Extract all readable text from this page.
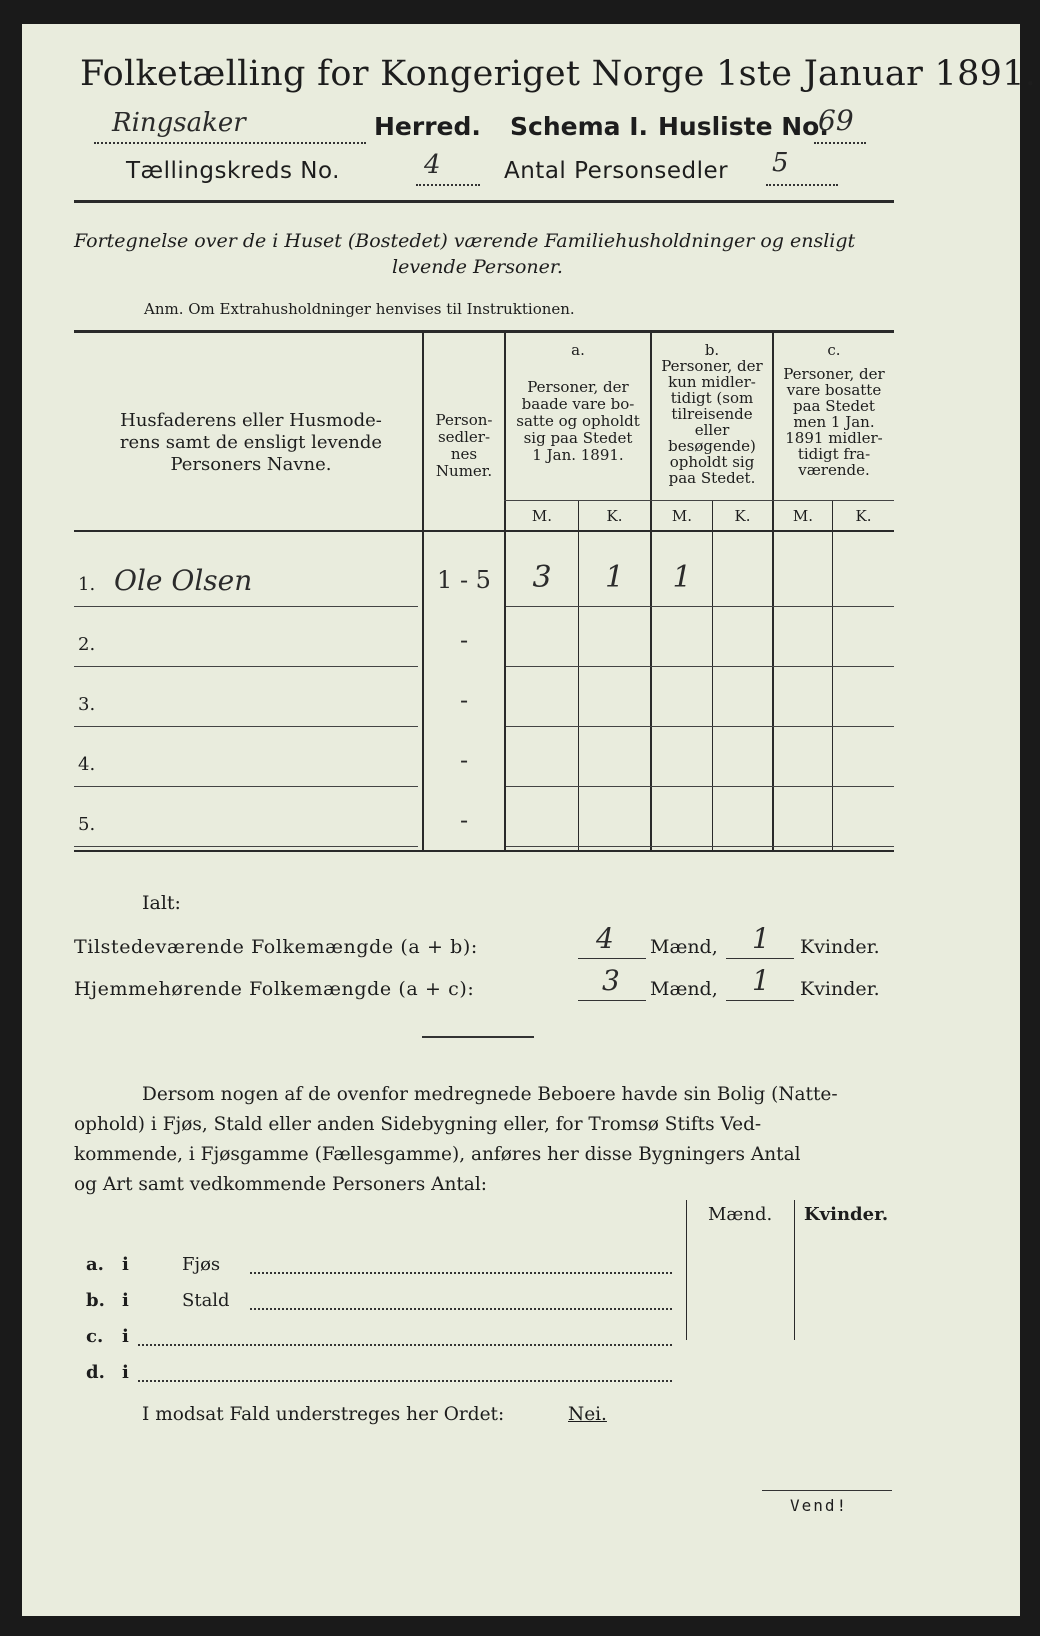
Folketælling for Kongeriget Norge 1ste Januar 1891.
Ringsaker	Herred. Schema I. Husliste No.
69
Tællingskreds No.	4	Antal Personsedler 5
Fortegnelse over de i Huset (Bostedet) værende Familiehusholdninger og ensligt
levende Personer.
Anm. Om Extrahusholdninger henvises til Instruktionen.
Husfaderens eller Husmode-
rens samt de ensligt levende
Personers Navne.
Person-
sedler-
nes
Numer.
a.
Personer, der
baade vare bo-
satte og opholdt
sig paa Stedet
1 Jan. 1891.
b.
Personer, der
kun midler-
tidigt (som
tilreisende
eller
besøgende)
opholdt sig
paa Stedet.
c.
Personer, der
vare bosatte
paa Stedet
men 1 Jan.
1891 midler-
tidigt fra-
værende.
M.	K.	M.	K.	M.	K.
1. Ole Olsen	1 - 5	3	1	1
2.	-
3.	-
4.	-
5.	-
Ialt:
Tilstedeværende Folkemængde (a + b):	4 Mænd, 1 Kvinder.
Hjemmehørende Folkemængde (a + c):	3 Mænd, 1 Kvinder.
Dersom nogen af de ovenfor medregnede Beboere havde sin Bolig (Natte-
ophold) i Fjøs, Stald eller anden Sidebygning eller, for Tromsø Stifts Ved-
kommende, i Fjøsgamme (Fællesgamme), anføres her disse Bygningers Antal
og Art samt vedkommende Personers Antal:
Mænd. Kvinder.
a. i	Fjøs
b. i	Stald
c. i
d. i
I modsat Fald understreges her Ordet:	Nei.
Vend!
